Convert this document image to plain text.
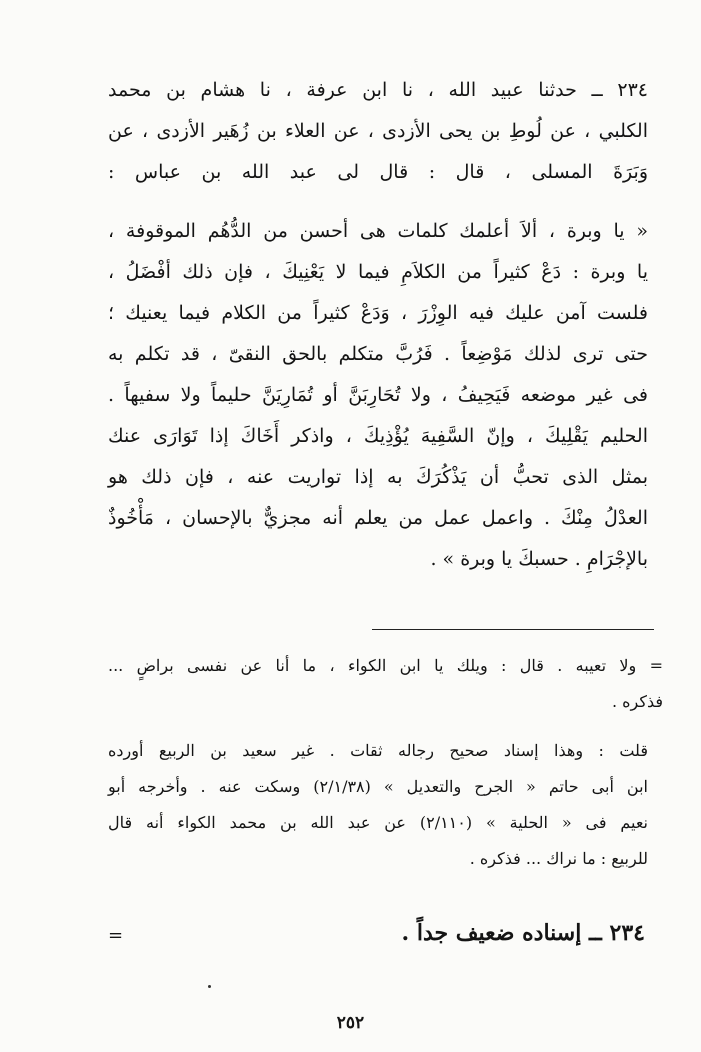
٢٣٤ ــ حدثنا عبيد الله ، نا ابن عرفة ، نا هشام بن محمد
الكلبي ، عن لُوطِ بن يحى الأزدى ، عن العلاء بن زُهَير الأزدى ، عن
وَبَرَةَ المسلى ، قال : قال لى عبد الله بن عباس :
« يا وبرة ، ألاَ أعلمك كلمات هى أحسن من الدُّهُم الموقوفة ،
يا وبرة : دَعْ كثيراً من الكلاَمِ فيما لا يَعْنِيكَ ، فإن ذلك أفْضَلُ ،
فلست آمن عليك فيه الوِزْرَ ، وَدَعْ كثيراً من الكلام فيما يعنيك ؛
حتى ترى لذلك مَوْضِعاً . فَرُبَّ متكلم بالحق النقىّ ، قد تكلم به
فى غير موضعه فَيَحِيفُ ، ولا تُحَارِبَنَّ أو تُمَارِيَنَّ حليماً ولا سفيهاً .
الحليم يَقْلِيكَ ، وإنّ السَّفِيهَ يُؤْذِيكَ ، واذكر أَخَاكَ إذا تَوَارَى عنك
بمثل الذى تحبُّ أن يَذْكُرَكَ به إذا تواريت عنه ، فإن ذلك هو
العدْلُ مِنْكَ . واعمل عمل من يعلم أنه مجزيٌّ بالإحسان ، مَأْخُوذٌ
بالإجْرَامِ . حسبكَ يا وبرة » .
= ولا تعيبه . قال : ويلك يا ابن الكواء ، ما أنا عن نفسى براضٍ ...
فذكره .
قلت : وهذا إسناد صحيح رجاله ثقات . غير سعيد بن الربيع أورده
ابن أبى حاتم « الجرح والتعديل » (٢/١/٣٨) وسكت عنه . وأخرجه أبو
نعيم فى « الحلية » (٢/١١٠) عن عبد الله بن محمد الكواء أنه قال
للربيع : ما نراك ... فذكره .
٢٣٤ ــ إسناده ضعيف جداً .
=
٢٥٢
